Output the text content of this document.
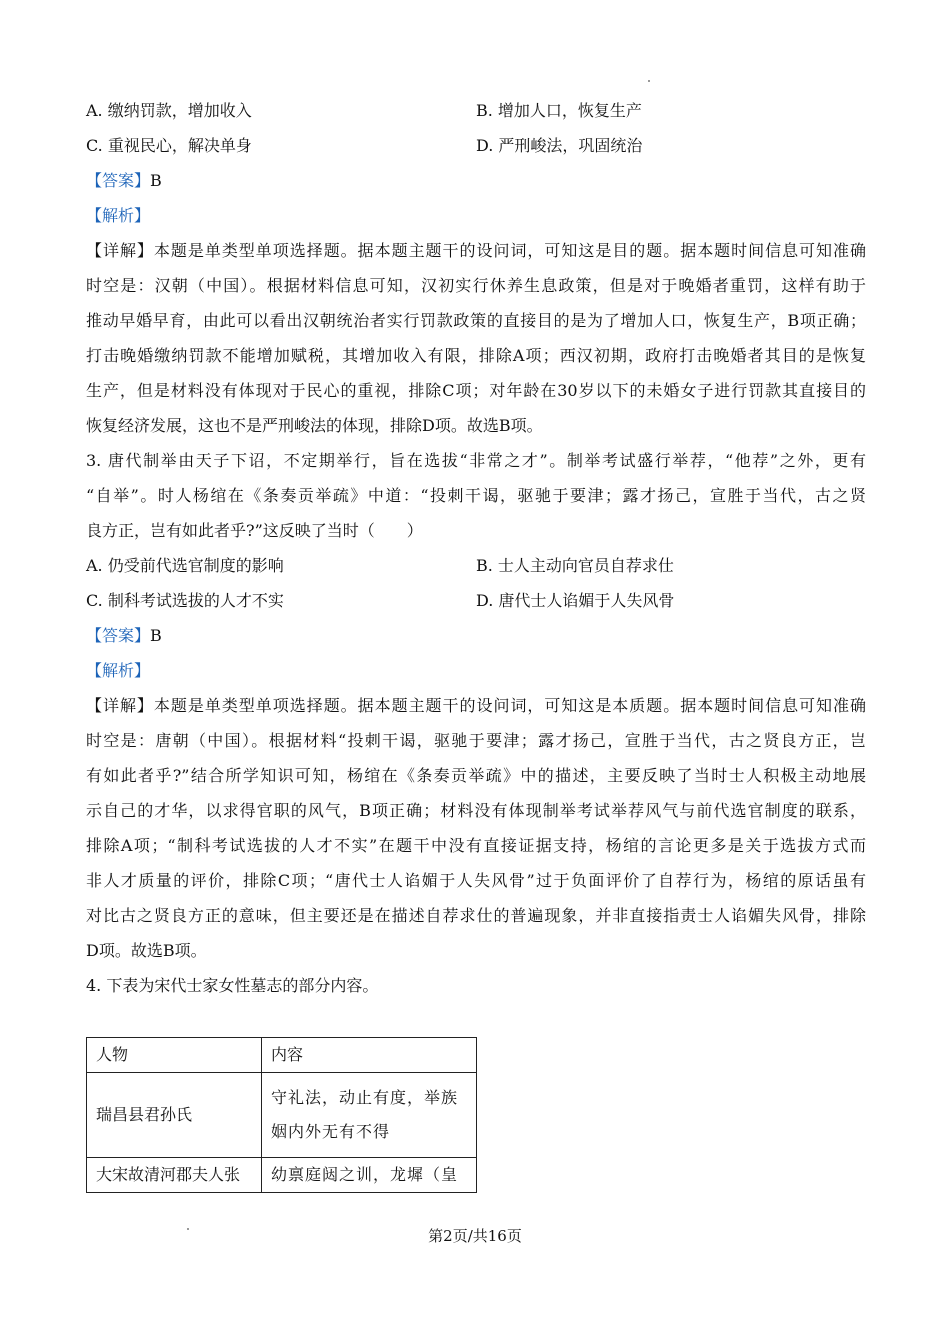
A. 缴纳罚款，增加收入	B. 增加人口，恢复生产
C. 重视民心，解决单身	D. 严刑峻法，巩固统治
【答案】B
【解析】
【详解】本题是单类型单项选择题。据本题主题干的设问词，可知这是目的题。据本题时间信息可知准确
时空是：汉朝（中国）。根据材料信息可知，汉初实行休养生息政策，但是对于晚婚者重罚，这样有助于
推动早婚早育，由此可以看出汉朝统治者实行罚款政策的直接目的是为了增加人口，恢复生产，B项正确；
打击晚婚缴纳罚款不能增加赋税，其增加收入有限，排除A项；西汉初期，政府打击晚婚者其目的是恢复
生产，但是材料没有体现对于民心的重视，排除C项；对年龄在30岁以下的未婚女子进行罚款其直接目的
恢复经济发展，这也不是严刑峻法的体现，排除D项。故选B项。
3. 唐代制举由天子下诏，不定期举行，旨在选拔“非常之才”。制举考试盛行举荐，“他荐”之外，更有
“自举”。时人杨绾在《条奏贡举疏》中道：“投刺干谒，驱驰于要津；露才扬己，宣胜于当代，古之贤
良方正，岂有如此者乎?”这反映了当时（　　）
A. 仍受前代选官制度的影响	B. 士人主动向官员自荐求仕
C. 制科考试选拔的人才不实	D. 唐代士人谄媚于人失风骨
【答案】B
【解析】
【详解】本题是单类型单项选择题。据本题主题干的设问词，可知这是本质题。据本题时间信息可知准确
时空是：唐朝（中国）。根据材料“投刺干谒，驱驰于要津；露才扬己，宣胜于当代，古之贤良方正，岂
有如此者乎?”结合所学知识可知，杨绾在《条奏贡举疏》中的描述，主要反映了当时士人积极主动地展
示自己的才华，以求得官职的风气，B项正确；材料没有体现制举考试举荐风气与前代选官制度的联系，
排除A项；“制科考试选拔的人才不实”在题干中没有直接证据支持，杨绾的言论更多是关于选拔方式而
非人才质量的评价，排除C项；“唐代士人谄媚于人失风骨”过于负面评价了自荐行为，杨绾的原话虽有
对比古之贤良方正的意味，但主要还是在描述自荐求仕的普遍现象，并非直接指责士人谄媚失风骨，排除
D项。故选B项。
4. 下表为宋代士家女性墓志的部分内容。
人物	内容
瑞昌县君孙氏	守礼法，动止有度，举族
姻内外无有不得

大宋故清河郡夫人张	幼禀庭闼之训，龙墀（皇
第2页/共16页
